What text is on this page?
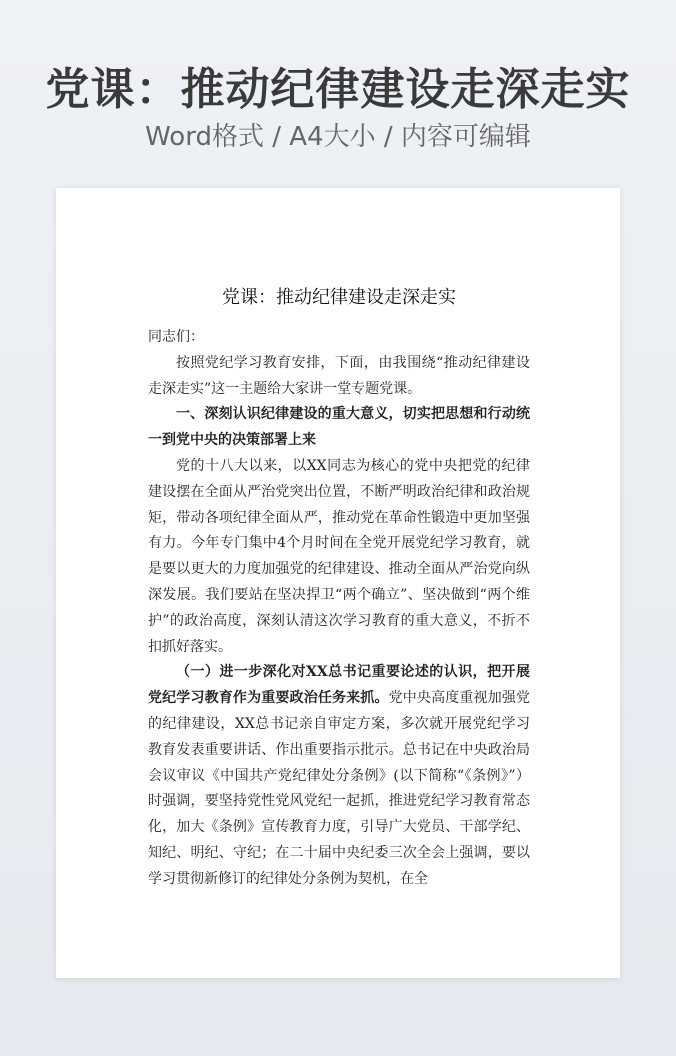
党课：推动纪律建设走深走实
Word格式 / A4大小 / 内容可编辑
党课：推动纪律建设走深走实

同志们：

按照党纪学习教育安排，下面，由我围绕“推动纪律建设走深走实”这一主题给大家讲一堂专题党课。

一、深刻认识纪律建设的重大意义，切实把思想和行动统一到党中央的决策部署上来

党的十八大以来，以XX同志为核心的党中央把党的纪律建设摆在全面从严治党突出位置，不断严明政治纪律和政治规矩，带动各项纪律全面从严，推动党在革命性锻造中更加坚强有力。今年专门集中4个月时间在全党开展党纪学习教育，就是要以更大的力度加强党的纪律建设、推动全面从严治党向纵深发展。我们要站在坚决捍卫“两个确立”、坚决做到“两个维护”的政治高度，深刻认清这次学习教育的重大意义，不折不扣抓好落实。

（一）进一步深化对XX总书记重要论述的认识，把开展党纪学习教育作为重要政治任务来抓。党中央高度重视加强党的纪律建设，XX总书记亲自审定方案，多次就开展党纪学习教育发表重要讲话、作出重要指示批示。总书记在中央政治局会议审议《中国共产党纪律处分条例》(以下简称“《条例》”）时强调，要坚持党性党风党纪一起抓，推进党纪学习教育常态化，加大《条例》宣传教育力度，引导广大党员、干部学纪、知纪、明纪、守纪；在二十届中央纪委三次全会上强调，要以学习贯彻新修订的纪律处分条例为契机，在全
